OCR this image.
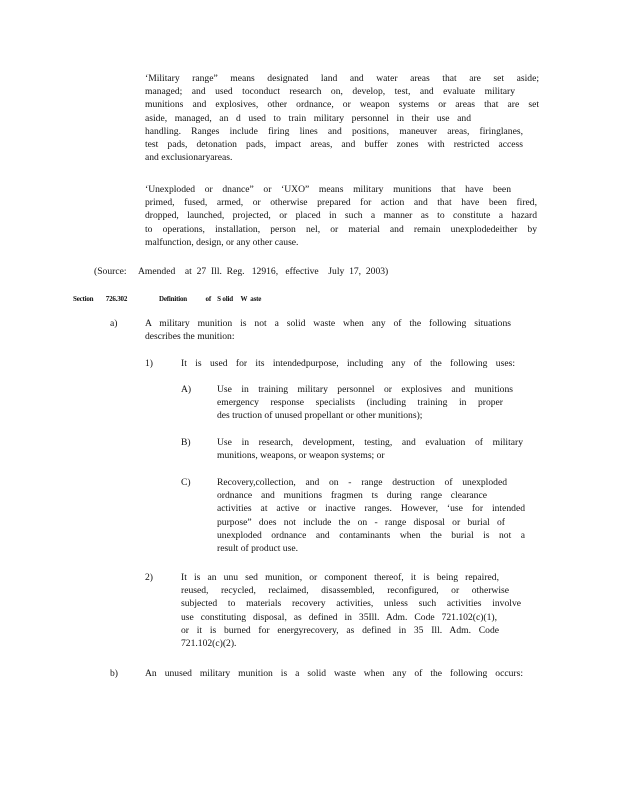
‘Military range” means designated land and water areas that are set aside;
managed; and used toconduct research on, develop, test, and evaluate military
munitions and explosives, other ordnance, or weapon systems or areas that are set
aside, managed, an d used to train military personnel in their use and
handling. Ranges include firing lines and positions, maneuver areas, firinglanes,
test pads, detonation pads, impact areas, and buffer zones with restricted access
and exclusionaryareas.
‘Unexploded or dnance” or ‘UXO” means military munitions that have been
primed, fused, armed, or otherwise prepared for action and that have been fired,
dropped, launched, projected, or placed in such a manner as to constitute a hazard
to operations, installation, person nel, or material and remain unexplodedeither by
malfunction, design, or any other cause.

(Source:     Amended    at  27  Ill.  Reg.   12916,   effective    July  17,  2003)

Section        726.302	Definition            of    S olid     W  aste

a)	A military munition is not a solid waste when any of the following situations
describes the munition:

1)	It is used for its intendedpurpose, including any of the following uses:

A)	Use in training military personnel or explosives and munitions
emergency response specialists (including training in proper
des truction of unused propellant or other munitions);

B)	Use in research, development, testing, and evaluation of military
munitions, weapons, or weapon systems; or

C)	Recovery,collection, and on - range destruction of unexploded
ordnance and munitions fragmen ts during range clearance
activities at active or inactive ranges. However, ‘use for intended
purpose” does not include the on - range disposal or burial of
unexploded ordnance and contaminants when the burial is not a
result of product use.

2)	It is an unu sed munition, or component thereof, it is being repaired,
reused, recycled, reclaimed, disassembled, reconfigured, or otherwise
subjected to materials recovery activities, unless such activities involve
use constituting disposal, as defined in 35Ill. Adm. Code 721.102(c)(1),
or it is burned for energyrecovery, as defined in 35 Ill. Adm. Code
721.102(c)(2).

b)	An unused military munition is a solid waste when any of the following occurs:
